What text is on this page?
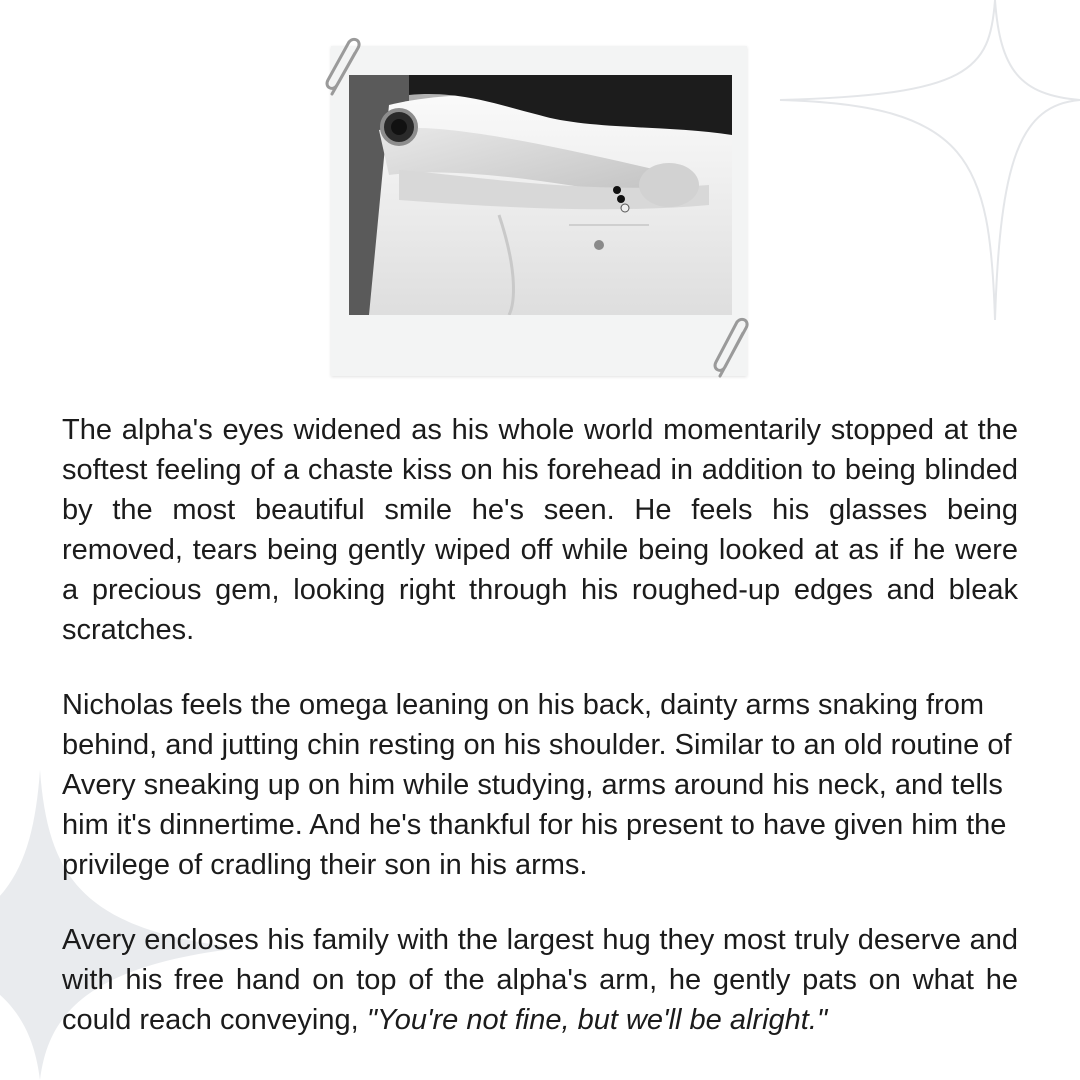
The alpha's eyes widened as his whole world momentarily stopped at the softest feeling of a chaste kiss on his forehead in addition to being blinded by the most beautiful smile he's seen. He feels his glasses being removed, tears being gently wiped off while being looked at as if he were a precious gem, looking right through his roughed-up edges and bleak scratches.

Nicholas feels the omega leaning on his back, dainty arms snaking from behind, and jutting chin resting on his shoulder. Similar to an old routine of Avery sneaking up on him while studying, arms around his neck, and tells him it's dinnertime. And he's thankful for his present to have given him the privilege of cradling their son in his arms.

Avery encloses his family with the largest hug they most truly deserve and with his free hand on top of the alpha's arm, he gently pats on what he could reach conveying, "You're not fine, but we'll be alright."
